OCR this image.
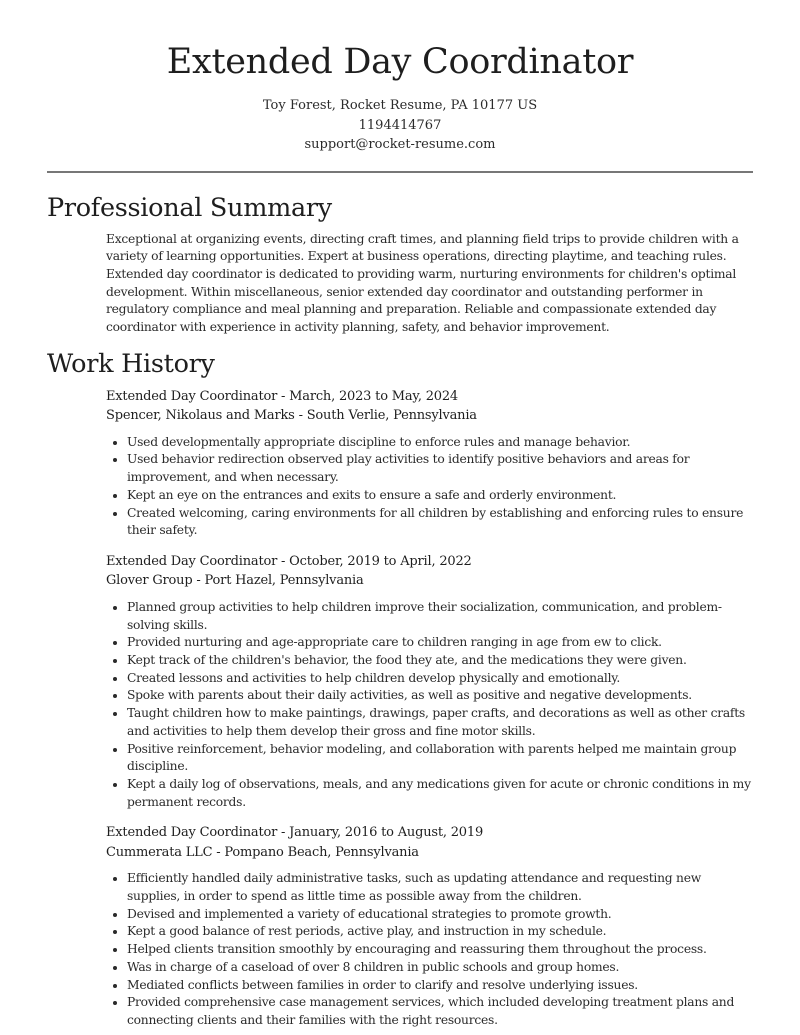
Extended Day Coordinator
Toy Forest, Rocket Resume, PA 10177 US
1194414767
support@rocket-resume.com
Professional Summary
Exceptional at organizing events, directing craft times, and planning field trips to provide children with a variety of learning opportunities. Expert at business operations, directing playtime, and teaching rules. Extended day coordinator is dedicated to providing warm, nurturing environments for children's optimal development. Within miscellaneous, senior extended day coordinator and outstanding performer in regulatory compliance and meal planning and preparation. Reliable and compassionate extended day coordinator with experience in activity planning, safety, and behavior improvement.
Work History
Extended Day Coordinator - March, 2023 to May, 2024
Spencer, Nikolaus and Marks - South Verlie, Pennsylvania
• Used developmentally appropriate discipline to enforce rules and manage behavior.
• Used behavior redirection observed play activities to identify positive behaviors and areas for improvement, and when necessary.
• Kept an eye on the entrances and exits to ensure a safe and orderly environment.
• Created welcoming, caring environments for all children by establishing and enforcing rules to ensure their safety.
Extended Day Coordinator - October, 2019 to April, 2022
Glover Group - Port Hazel, Pennsylvania
• Planned group activities to help children improve their socialization, communication, and problem-solving skills.
• Provided nurturing and age-appropriate care to children ranging in age from ew to click.
• Kept track of the children's behavior, the food they ate, and the medications they were given.
• Created lessons and activities to help children develop physically and emotionally.
• Spoke with parents about their daily activities, as well as positive and negative developments.
• Taught children how to make paintings, drawings, paper crafts, and decorations as well as other crafts and activities to help them develop their gross and fine motor skills.
• Positive reinforcement, behavior modeling, and collaboration with parents helped me maintain group discipline.
• Kept a daily log of observations, meals, and any medications given for acute or chronic conditions in my permanent records.
Extended Day Coordinator - January, 2016 to August, 2019
Cummerata LLC - Pompano Beach, Pennsylvania
• Efficiently handled daily administrative tasks, such as updating attendance and requesting new supplies, in order to spend as little time as possible away from the children.
• Devised and implemented a variety of educational strategies to promote growth.
• Kept a good balance of rest periods, active play, and instruction in my schedule.
• Helped clients transition smoothly by encouraging and reassuring them throughout the process.
• Was in charge of a caseload of over 8 children in public schools and group homes.
• Mediated conflicts between families in order to clarify and resolve underlying issues.
• Provided comprehensive case management services, which included developing treatment plans and connecting clients and their families with the right resources.
